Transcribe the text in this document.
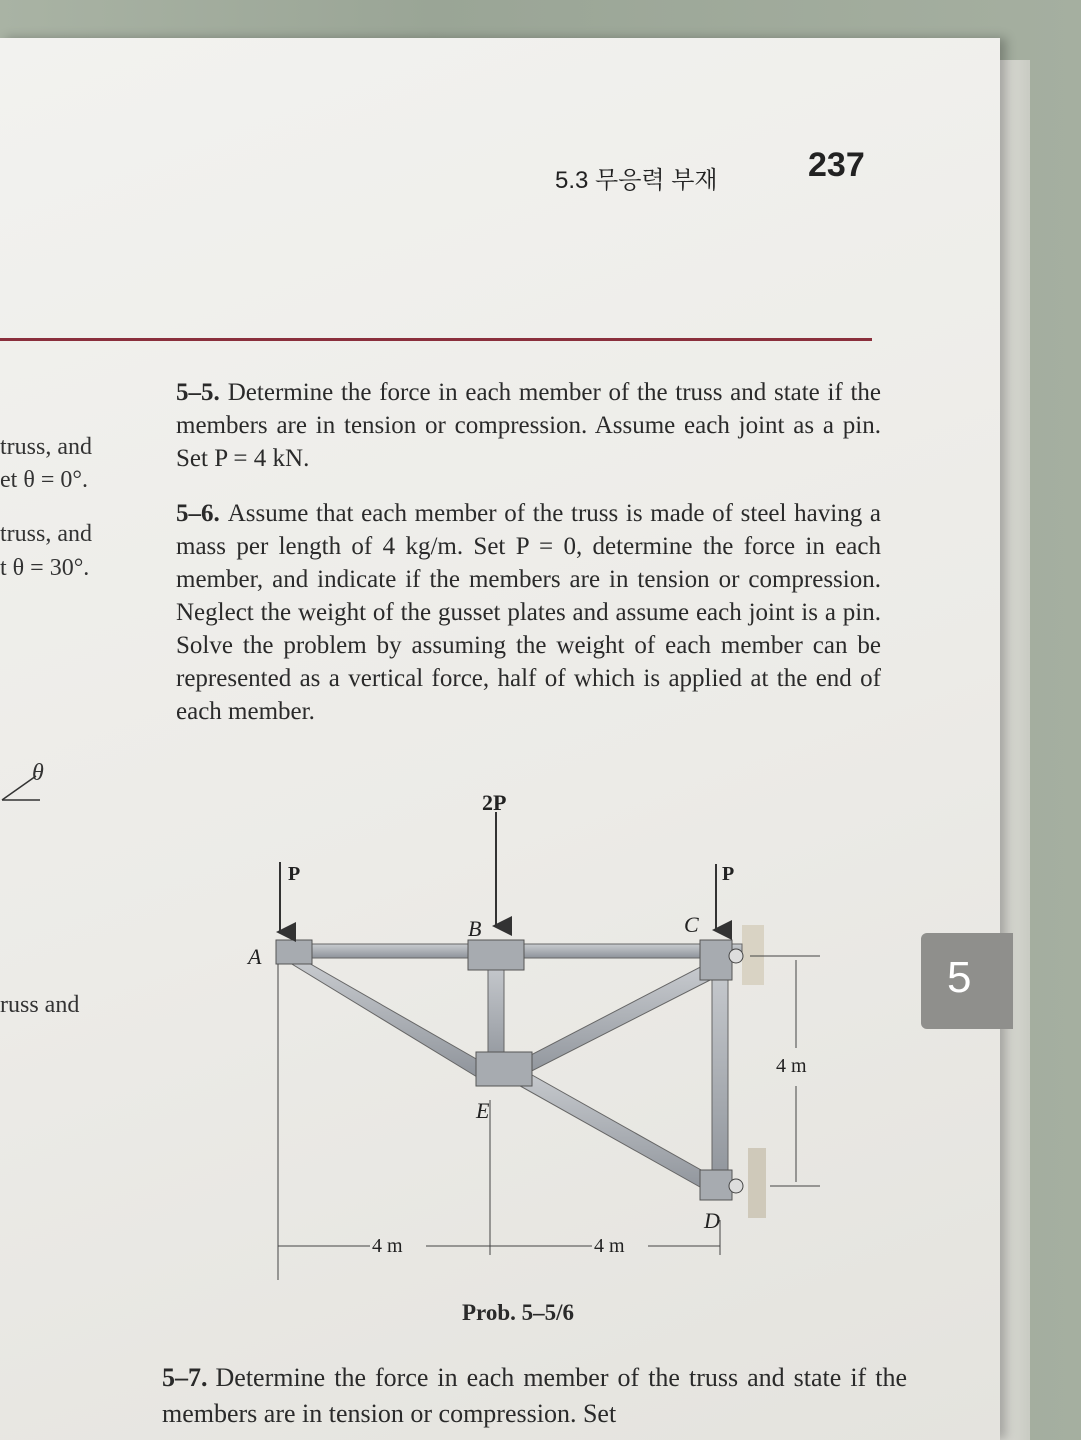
5.3 무응력 부재	237
truss, and
et θ = 0°.
truss, and
t θ = 30°.
θ
russ and
5–5. Determine the force in each member of the truss and state if the members are in tension or compression. Assume each joint as a pin. Set P = 4 kN.
5–6. Assume that each member of the truss is made of steel having a mass per length of 4 kg/m. Set P = 0, determine the force in each member, and indicate if the members are in tension or compression. Neglect the weight of the gusset plates and assume each joint is a pin. Solve the problem by assuming the weight of each member can be represented as a vertical force, half of which is applied at the end of each member.
2P
P	P
A
B	C
D
E
4 m	4 m
4 m
Prob. 5–5/6
5
5–7. Determine the force in each member of the truss and state if the members are in tension or compression. Set
